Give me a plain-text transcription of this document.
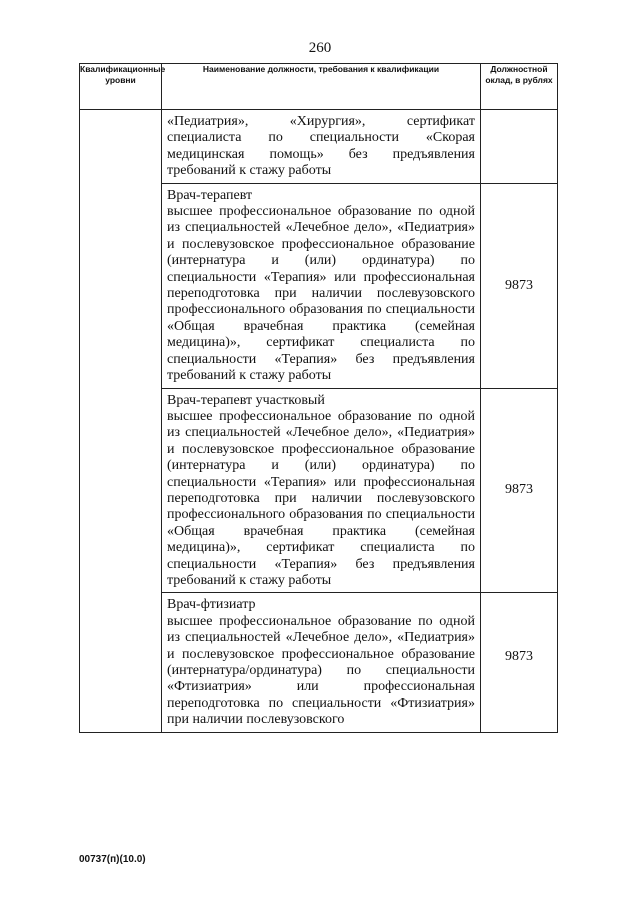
260
Квалификационные уровни	Наименование должности, требования к квалификации	Должностной оклад, в рублях

	«Педиатрия», «Хирургия», сертификат специалиста по специальности «Скорая медицинская помощь» без предъявления требований к стажу работы	

	Врач-терапевт
высшее профессиональное образование по одной из специальностей «Лечебное дело», «Педиатрия» и послевузовское профессиональное образование (интернатура и (или) ординатура) по специальности «Терапия» или профессиональная переподготовка при наличии послевузовского профессионального образования по специальности «Общая врачебная практика (семейная медицина)», сертификат специалиста по специальности «Терапия» без предъявления требований к стажу работы	9873

	Врач-терапевт участковый
высшее профессиональное образование по одной из специальностей «Лечебное дело», «Педиатрия» и послевузовское профессиональное образование (интернатура и (или) ординатура) по специальности «Терапия» или профессиональная переподготовка при наличии послевузовского профессионального образования по специальности «Общая врачебная практика (семейная медицина)», сертификат специалиста по специальности «Терапия» без предъявления требований к стажу работы	9873

	Врач-фтизиатр
высшее профессиональное образование по одной из специальностей «Лечебное дело», «Педиатрия» и послевузовское профессиональное образование (интернатура/ординатура) по специальности «Фтизиатрия» или профессиональная переподготовка по специальности «Фтизиатрия» при наличии послевузовского	9873
00737(п)(10.0)
